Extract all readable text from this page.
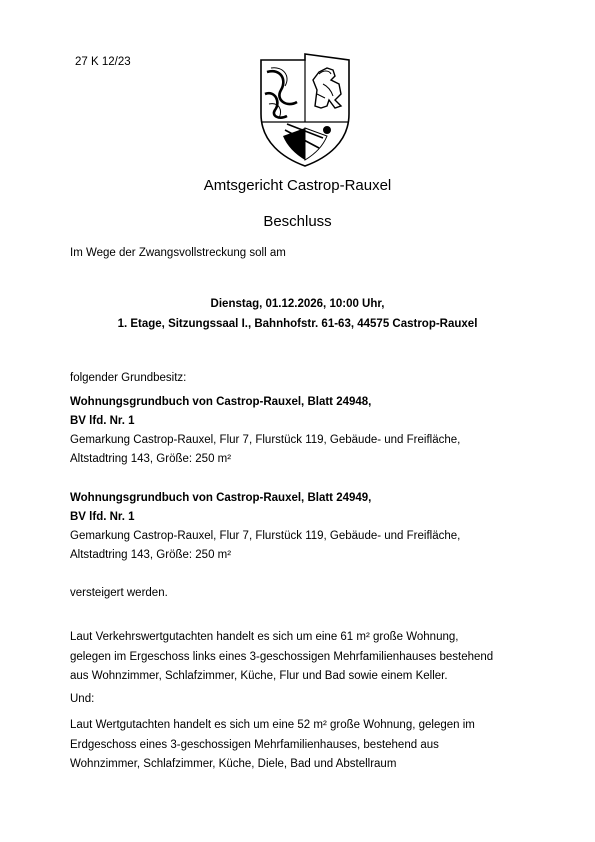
27 K 12/23
Amtsgericht Castrop-Rauxel
Beschluss
Im Wege der Zwangsvollstreckung soll am
Dienstag, 01.12.2026, 10:00 Uhr,
1. Etage, Sitzungssaal I., Bahnhofstr. 61-63, 44575 Castrop-Rauxel
folgender Grundbesitz:
Wohnungsgrundbuch von Castrop-Rauxel, Blatt 24948,
BV lfd. Nr. 1
Gemarkung Castrop-Rauxel, Flur 7, Flurstück 119, Gebäude- und Freifläche,
Altstadtring 143, Größe: 250 m²
Wohnungsgrundbuch von Castrop-Rauxel, Blatt 24949,
BV lfd. Nr. 1
Gemarkung Castrop-Rauxel, Flur 7, Flurstück 119, Gebäude- und Freifläche,
Altstadtring 143, Größe: 250 m²
versteigert werden.
Laut Verkehrswertgutachten handelt es sich um eine 61 m² große Wohnung,
gelegen im Ergeschoss links eines 3-geschossigen Mehrfamilienhauses bestehend
aus Wohnzimmer, Schlafzimmer, Küche, Flur und Bad sowie einem Keller.
Und:
Laut Wertgutachten handelt es sich um eine 52 m² große Wohnung, gelegen im
Erdgeschoss eines 3-geschossigen Mehrfamilienhauses, bestehend aus
Wohnzimmer, Schlafzimmer, Küche, Diele, Bad und Abstellraum
